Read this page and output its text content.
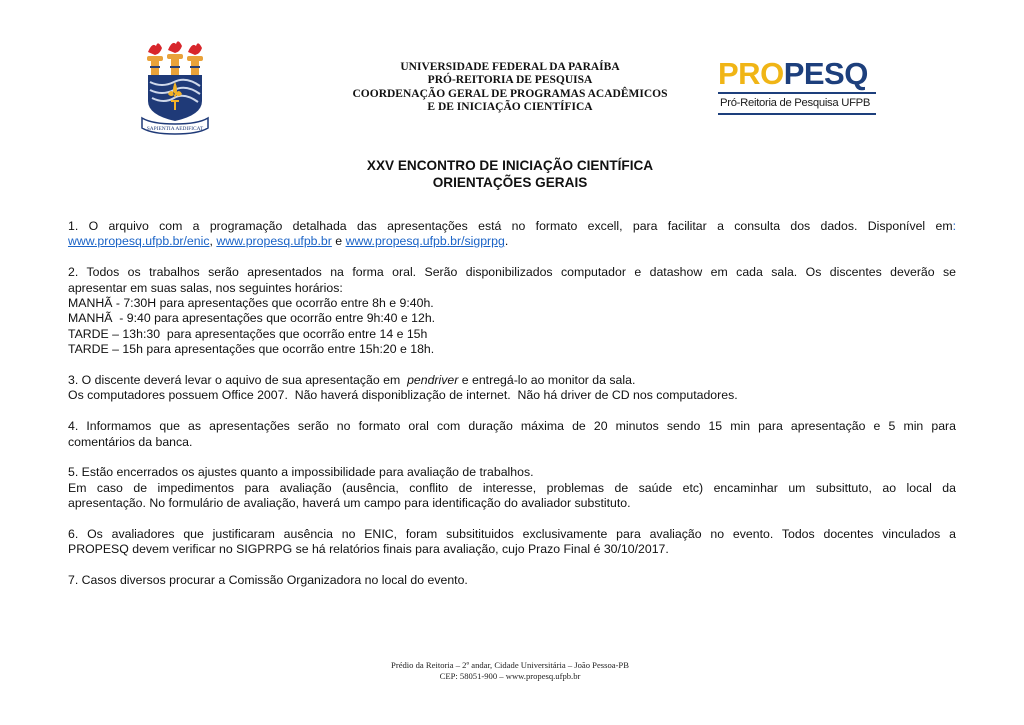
SAPIENTIA AEDIFICAT
UNIVERSIDADE FEDERAL DA PARAÍBA
PRÓ-REITORIA DE PESQUISA
COORDENAÇÃO GERAL DE PROGRAMAS ACADÊMICOS
E DE INICIAÇÃO CIENTÍFICA
PROPESQ
Pró-Reitoria de Pesquisa UFPB
XXV ENCONTRO DE INICIAÇÃO CIENTÍFICA
ORIENTAÇÕES GERAIS
1. O arquivo com a programação detalhada das apresentações está no formato excell, para facilitar a consulta dos dados. Disponível em:
www.propesq.ufpb.br/enic, www.propesq.ufpb.br e www.propesq.ufpb.br/sigprpg.
2. Todos os trabalhos serão apresentados na forma oral. Serão disponibilizados computador e datashow em cada sala. Os discentes deverão se
apresentar em suas salas, nos seguintes horários:
MANHÃ - 7:30H para apresentações que ocorrão entre 8h e 9:40h.
MANHÃ  - 9:40 para apresentações que ocorrão entre 9h:40 e 12h.
TARDE – 13h:30  para apresentações que ocorrão entre 14 e 15h
TARDE – 15h para apresentações que ocorrão entre 15h:20 e 18h.
3. O discente deverá levar o aquivo de sua apresentação em  pendriver e entregá-lo ao monitor da sala.
Os computadores possuem Office 2007.  Não haverá disponiblização de internet.  Não há driver de CD nos computadores.
4. Informamos que as apresentações serão no formato oral com duração máxima de 20 minutos sendo 15 min para apresentação e 5 min para
comentários da banca.
5. Estão encerrados os ajustes quanto a impossibilidade para avaliação de trabalhos.
Em caso de impedimentos para avaliação (ausência, conflito de interesse, problemas de saúde etc) encaminhar um subsittuto, ao local da
apresentação. No formulário de avaliação, haverá um campo para identificação do avaliador substituto.
6. Os avaliadores que justificaram ausência no ENIC, foram subsitituidos exclusivamente para avaliação no evento. Todos docentes vinculados a
PROPESQ devem verificar no SIGPRPG se há relatórios finais para avaliação, cujo Prazo Final é 30/10/2017.
7. Casos diversos procurar a Comissão Organizadora no local do evento.
Prédio da Reitoria – 2º andar, Cidade Universitária – João Pessoa-PB
CEP: 58051-900 – www.propesq.ufpb.br
